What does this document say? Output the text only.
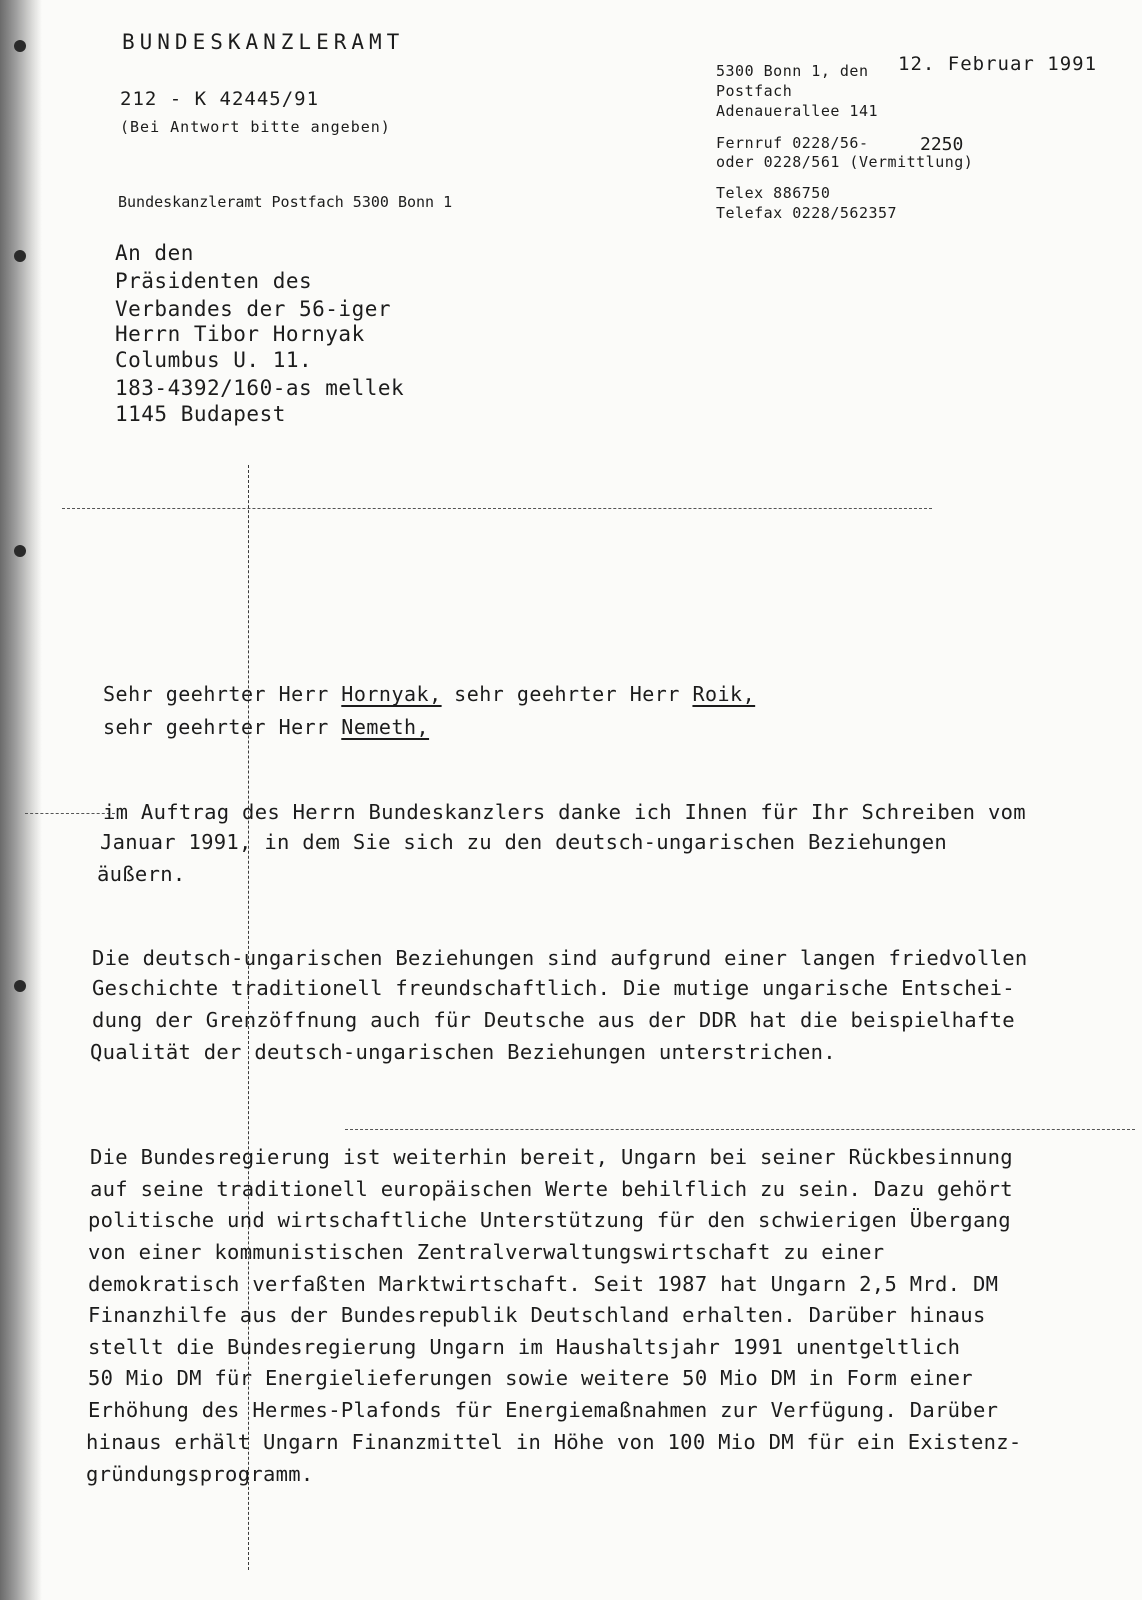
BUNDESKANZLERAMT
212 - K 42445/91
(Bei Antwort bitte angeben)
Bundeskanzleramt Postfach 5300 Bonn 1
5300 Bonn 1, den 12. Februar 1991
Postfach
Adenauerallee 141
Fernruf 0228/56-	2250
oder 0228/561 (Vermittlung)
Telex 886750
Telefax 0228/562357
An den
Präsidenten des
Verbandes der 56-iger
Herrn Tibor Hornyak
Columbus U. 11.
183-4392/160-as mellek
1145 Budapest
Sehr geehrter Herr Hornyak, sehr geehrter Herr Roik,
sehr geehrter Herr Nemeth,
im Auftrag des Herrn Bundeskanzlers danke ich Ihnen für Ihr Schreiben vom
Januar 1991, in dem Sie sich zu den deutsch-ungarischen Beziehungen
äußern.
Die deutsch-ungarischen Beziehungen sind aufgrund einer langen friedvollen
Geschichte traditionell freundschaftlich. Die mutige ungarische Entschei-
dung der Grenzöffnung auch für Deutsche aus der DDR hat die beispielhafte
Qualität der deutsch-ungarischen Beziehungen unterstrichen.
Die Bundesregierung ist weiterhin bereit, Ungarn bei seiner Rückbesinnung
auf seine traditionell europäischen Werte behilflich zu sein. Dazu gehört
politische und wirtschaftliche Unterstützung für den schwierigen Übergang
von einer kommunistischen Zentralverwaltungswirtschaft zu einer
demokratisch verfaßten Marktwirtschaft. Seit 1987 hat Ungarn 2,5 Mrd. DM
Finanzhilfe aus der Bundesrepublik Deutschland erhalten. Darüber hinaus
stellt die Bundesregierung Ungarn im Haushaltsjahr 1991 unentgeltlich
50 Mio DM für Energielieferungen sowie weitere 50 Mio DM in Form einer
Erhöhung des Hermes-Plafonds für Energiemaßnahmen zur Verfügung. Darüber
hinaus erhält Ungarn Finanzmittel in Höhe von 100 Mio DM für ein Existenz-
gründungsprogramm.
